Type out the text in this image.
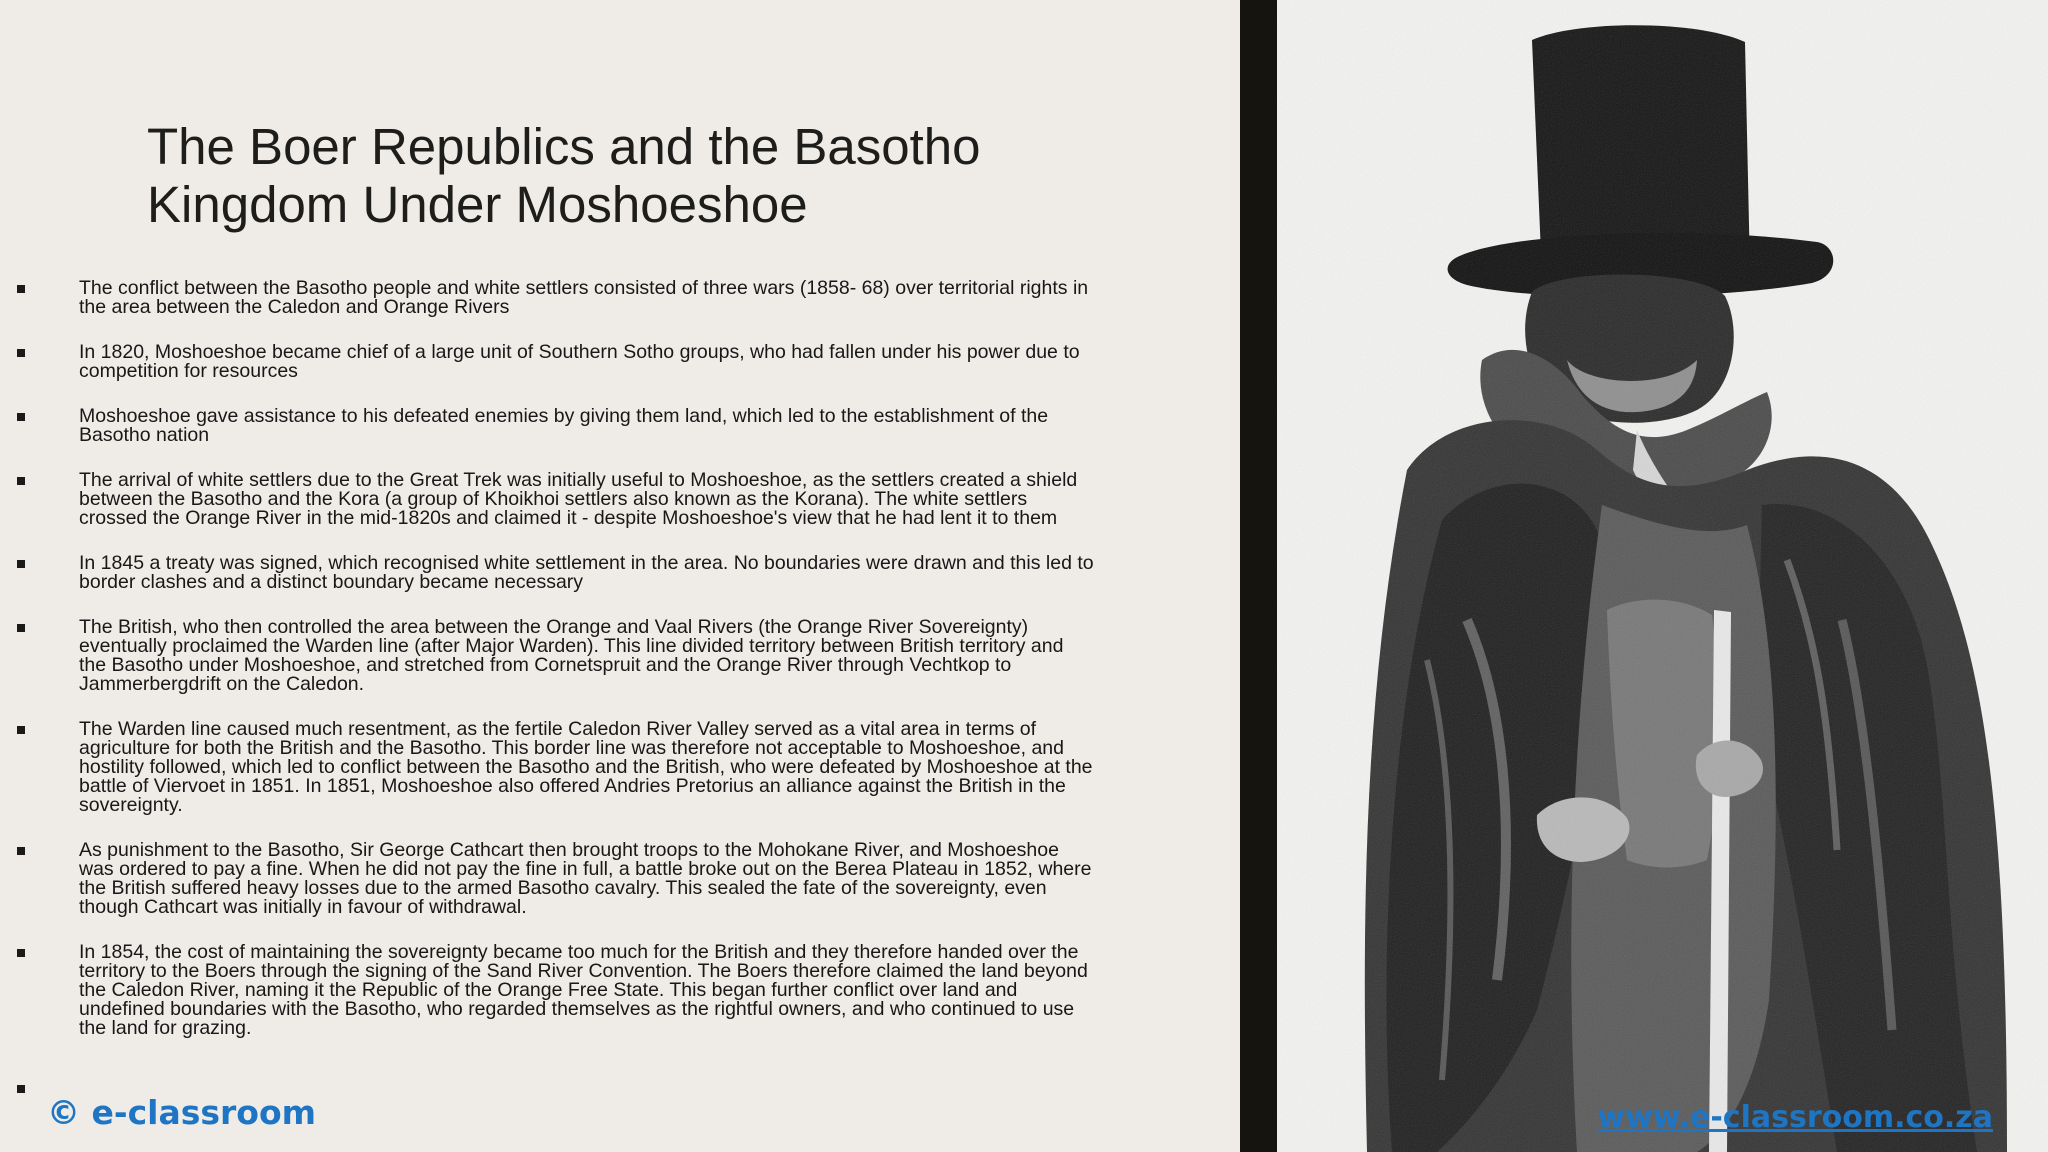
The Boer Republics and the Basotho
Kingdom Under Moshoeshoe
The conflict between the Basotho people and white settlers consisted of three wars (1858- 68) over territorial rights in the area between the Caledon and Orange Rivers
In 1820, Moshoeshoe became chief of a large unit of Southern Sotho groups, who had fallen under his power due to competition for resources
Moshoeshoe gave assistance to his defeated enemies by giving them land, which led to the establishment of the Basotho nation
The arrival of white settlers due to the Great Trek was initially useful to Moshoeshoe, as the settlers created a shield between the Basotho and the Kora (a group of Khoikhoi settlers also known as the Korana). The white settlers crossed the Orange River in the mid-1820s and claimed it - despite Moshoeshoe's view that he had lent it to them
In 1845 a treaty was signed, which recognised white settlement in the area. No boundaries were drawn and this led to border clashes and a distinct boundary became necessary
The British, who then controlled the area between the Orange and Vaal Rivers (the Orange River Sovereignty) eventually proclaimed the Warden line (after Major Warden). This line divided territory between British territory and the Basotho under Moshoeshoe, and stretched from Cornetspruit and the Orange River through Vechtkop to Jammerbergdrift on the Caledon.
The Warden line caused much resentment, as the fertile Caledon River Valley served as a vital area in terms of agriculture for both the British and the Basotho. This border line was therefore not acceptable to Moshoeshoe, and hostility followed, which led to conflict between the Basotho and the British, who were defeated by Moshoeshoe at the battle of Viervoet in 1851. In 1851, Moshoeshoe also offered Andries Pretorius an alliance against the British in the sovereignty.
As punishment to the Basotho, Sir George Cathcart then brought troops to the Mohokane River, and Moshoeshoe was ordered to pay a fine. When he did not pay the fine in full, a battle broke out on the Berea Plateau in 1852, where the British suffered heavy losses due to the armed Basotho cavalry. This sealed the fate of the sovereignty, even though Cathcart was initially in favour of withdrawal.
In 1854, the cost of maintaining the sovereignty became too much for the British and they therefore handed over the territory to the Boers through the signing of the Sand River Convention. The Boers therefore claimed the land beyond the Caledon River, naming it the Republic of the Orange Free State. This began further conflict over land and undefined boundaries with the Basotho, who regarded themselves as the rightful owners, and who continued to use the land for grazing.
© e-classroom	www.e-classroom.co.za
